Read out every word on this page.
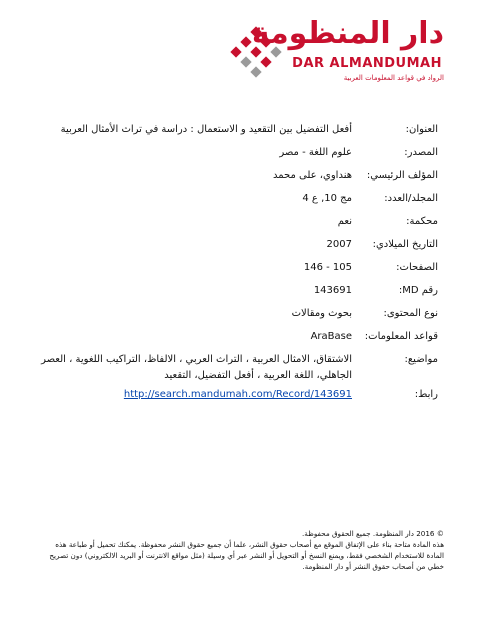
دار المنظومة
DAR ALMANDUMAH
الرواد في قواعد المعلومات العربية
العنوان:
أفعل التفضيل بين التقعيد و الاستعمال : دراسة في تراث الأمثال العربية
المصدر:
علوم اللغة - مصر
المؤلف الرئيسي:
هنداوي، على محمد
المجلد/العدد:
مج 10, ع 4
محكمة:
نعم
التاريخ الميلادي:
2007
الصفحات:
105 - 146
رقم MD:
143691
نوع المحتوى:
بحوث ومقالات
قواعد المعلومات:
AraBase
مواضيع:
الاشتقاق، الامثال العربية ، التراث العربي ، الالفاظ، التراكيب اللغوية ، العصر الجاهلي، اللغة العربية ، أفعل التفضيل، التقعيد
رابط:
http://search.mandumah.com/Record/143691

© 2016 دار المنظومة. جميع الحقوق محفوظة.

هذه المادة متاحة بناء على الإتفاق الموقع مع أصحاب حقوق النشر، علما أن جميع حقوق النشر محفوظة. يمكنك تحميل أو طباعة هذه المادة للاستخدام الشخصي فقط، ويمنع النسخ أو التحويل أو النشر عبر أي وسيلة (مثل مواقع الانترنت أو البريد الالكتروني) دون تصريح خطي من أصحاب حقوق النشر أو دار المنظومة.
